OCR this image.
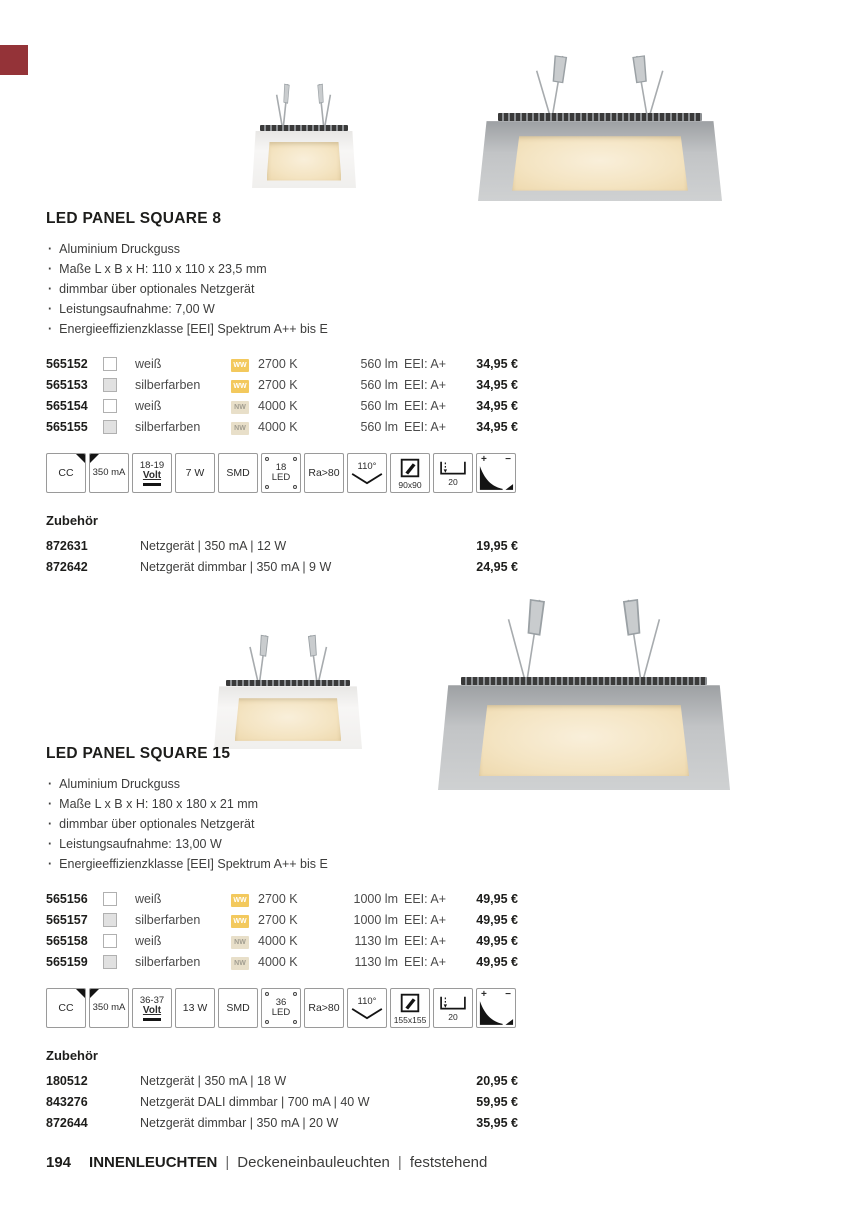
LED PANEL SQUARE 8
· Aluminium Druckguss
· Maße L x B x H: 110 x 110 x 23,5 mm
· dimmbar über optionales Netzgerät
· Leistungsaufnahme: 7,00 W
· Energieeffizienzklasse [EEI] Spektrum A++ bis E
565152	weiß	WW 2700 K	560 lm EEI: A+	34,95 €
565153	silberfarben	WW 2700 K	560 lm EEI: A+	34,95 €
565154	weiß	NW 4000 K	560 lm EEI: A+	34,95 €
565155	silberfarben	NW 4000 K	560 lm EEI: A+	34,95 €
CC 350 mA
18-19
Volt 7 W SMD	18
LED Ra>80
110°
90x90	20
+ −
Zubehör
872631	Netzgerät | 350 mA | 12 W	19,95 €
872642	Netzgerät dimmbar | 350 mA | 9 W	24,95 €
LED PANEL SQUARE 15
· Aluminium Druckguss
· Maße L x B x H: 180 x 180 x 21 mm
· dimmbar über optionales Netzgerät
· Leistungsaufnahme: 13,00 W
· Energieeffizienzklasse [EEI] Spektrum A++ bis E
565156	weiß	WW 2700 K	1000 lm EEI: A+	49,95 €
565157	silberfarben	WW 2700 K	1000 lm EEI: A+	49,95 €
565158	weiß	NW 4000 K	1130 lm EEI: A+	49,95 €
565159	silberfarben	NW 4000 K	1130 lm EEI: A+	49,95 €
CC 350 mA
36-37
Volt 13 W SMD	36
LED Ra>80
110°
155x155	20
+ −
Zubehör
180512	Netzgerät | 350 mA | 18 W	20,95 €
843276	Netzgerät DALI dimmbar | 700 mA | 40 W	59,95 €
872644	Netzgerät dimmbar | 350 mA | 20 W	35,95 €
194 INNENLEUCHTEN | Deckeneinbauleuchten | feststehend
